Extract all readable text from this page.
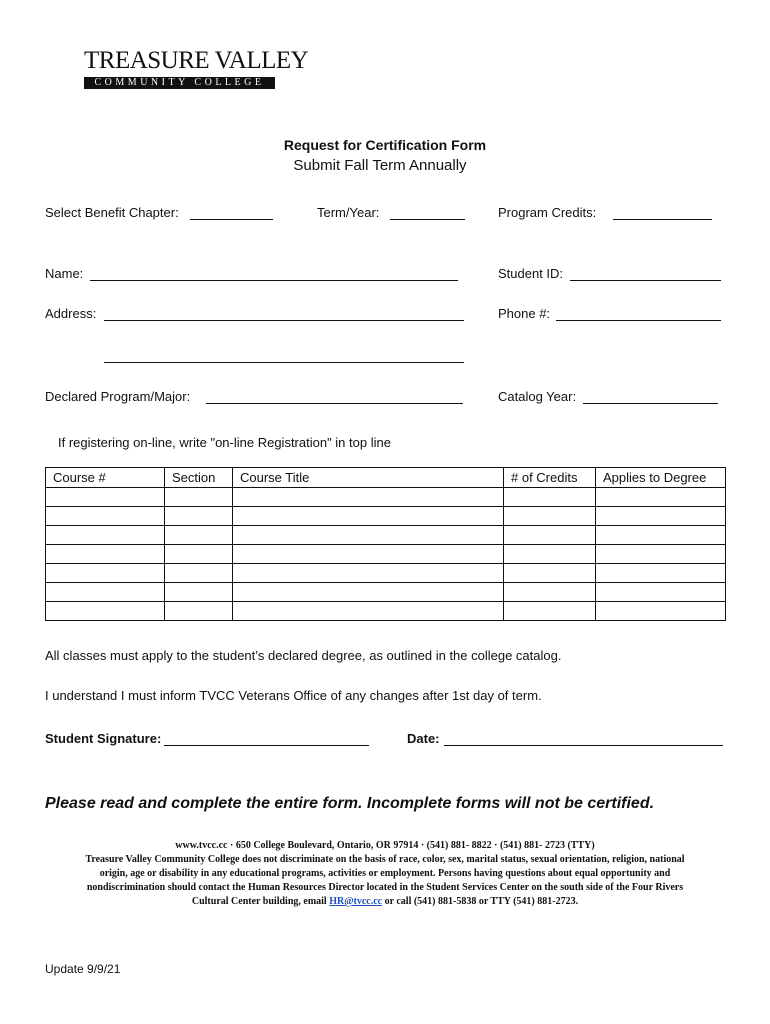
TREASURE VALLEY
COMMUNITY COLLEGE
Request for Certification Form
Submit Fall Term Annually
Select Benefit Chapter:	Term/Year:	Program Credits:
Name:	Student ID:
Address:	Phone #:
Declared Program/Major:	Catalog Year:
If registering on-line, write "on-line Registration" in top line
Course #	Section	Course Title	# of Credits	Applies to Degree

All classes must apply to the student’s declared degree, as outlined in the college catalog.
I understand I must inform TVCC Veterans Office of any changes after 1st day of term.
Student Signature:	Date:
Please read and complete the entire form. Incomplete forms will not be certified.
www.tvcc.cc · 650 College Boulevard, Ontario, OR 97914 · (541) 881- 8822 · (541) 881- 2723 (TTY)
Treasure Valley Community College does not discriminate on the basis of race, color, sex, marital status, sexual orientation, religion, national
origin, age or disability in any educational programs, activities or employment. Persons having questions about equal opportunity and
nondiscrimination should contact the Human Resources Director located in the Student Services Center on the south side of the Four Rivers
Cultural Center building, email HR@tvcc.cc or call (541) 881-5838 or TTY (541) 881-2723.
Update 9/9/21
